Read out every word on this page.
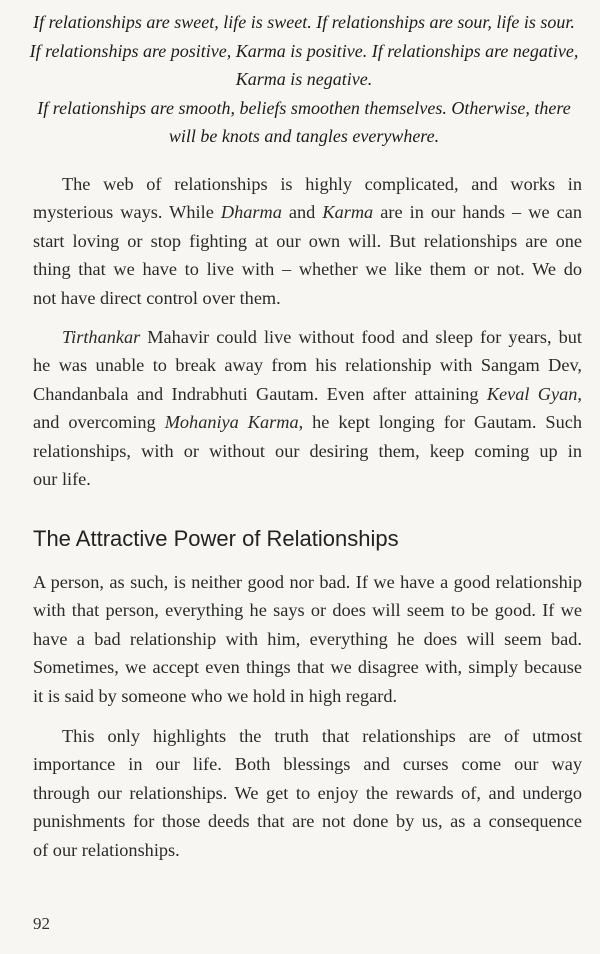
If relationships are sweet, life is sweet. If relationships are sour, life is sour.
If relationships are positive, Karma is positive. If relationships are negative,
Karma is negative.
If relationships are smooth, beliefs smoothen themselves. Otherwise, there
will be knots and tangles everywhere.
The web of relationships is highly complicated, and works in
mysterious ways. While Dharma and Karma are in our hands – we can
start loving or stop fighting at our own will. But relationships are one
thing that we have to live with – whether we like them or not. We do
not have direct control over them.
Tirthankar Mahavir could live without food and sleep for years, but
he was unable to break away from his relationship with Sangam Dev,
Chandanbala and Indrabhuti Gautam. Even after attaining Keval Gyan,
and overcoming Mohaniya Karma, he kept longing for Gautam. Such
relationships, with or without our desiring them, keep coming up in
our life.
The Attractive Power of Relationships
A person, as such, is neither good nor bad. If we have a good relationship
with that person, everything he says or does will seem to be good. If we
have a bad relationship with him, everything he does will seem bad.
Sometimes, we accept even things that we disagree with, simply because
it is said by someone who we hold in high regard.
This only highlights the truth that relationships are of utmost
importance in our life. Both blessings and curses come our way
through our relationships. We get to enjoy the rewards of, and undergo
punishments for those deeds that are not done by us, as a consequence
of our relationships.
92
